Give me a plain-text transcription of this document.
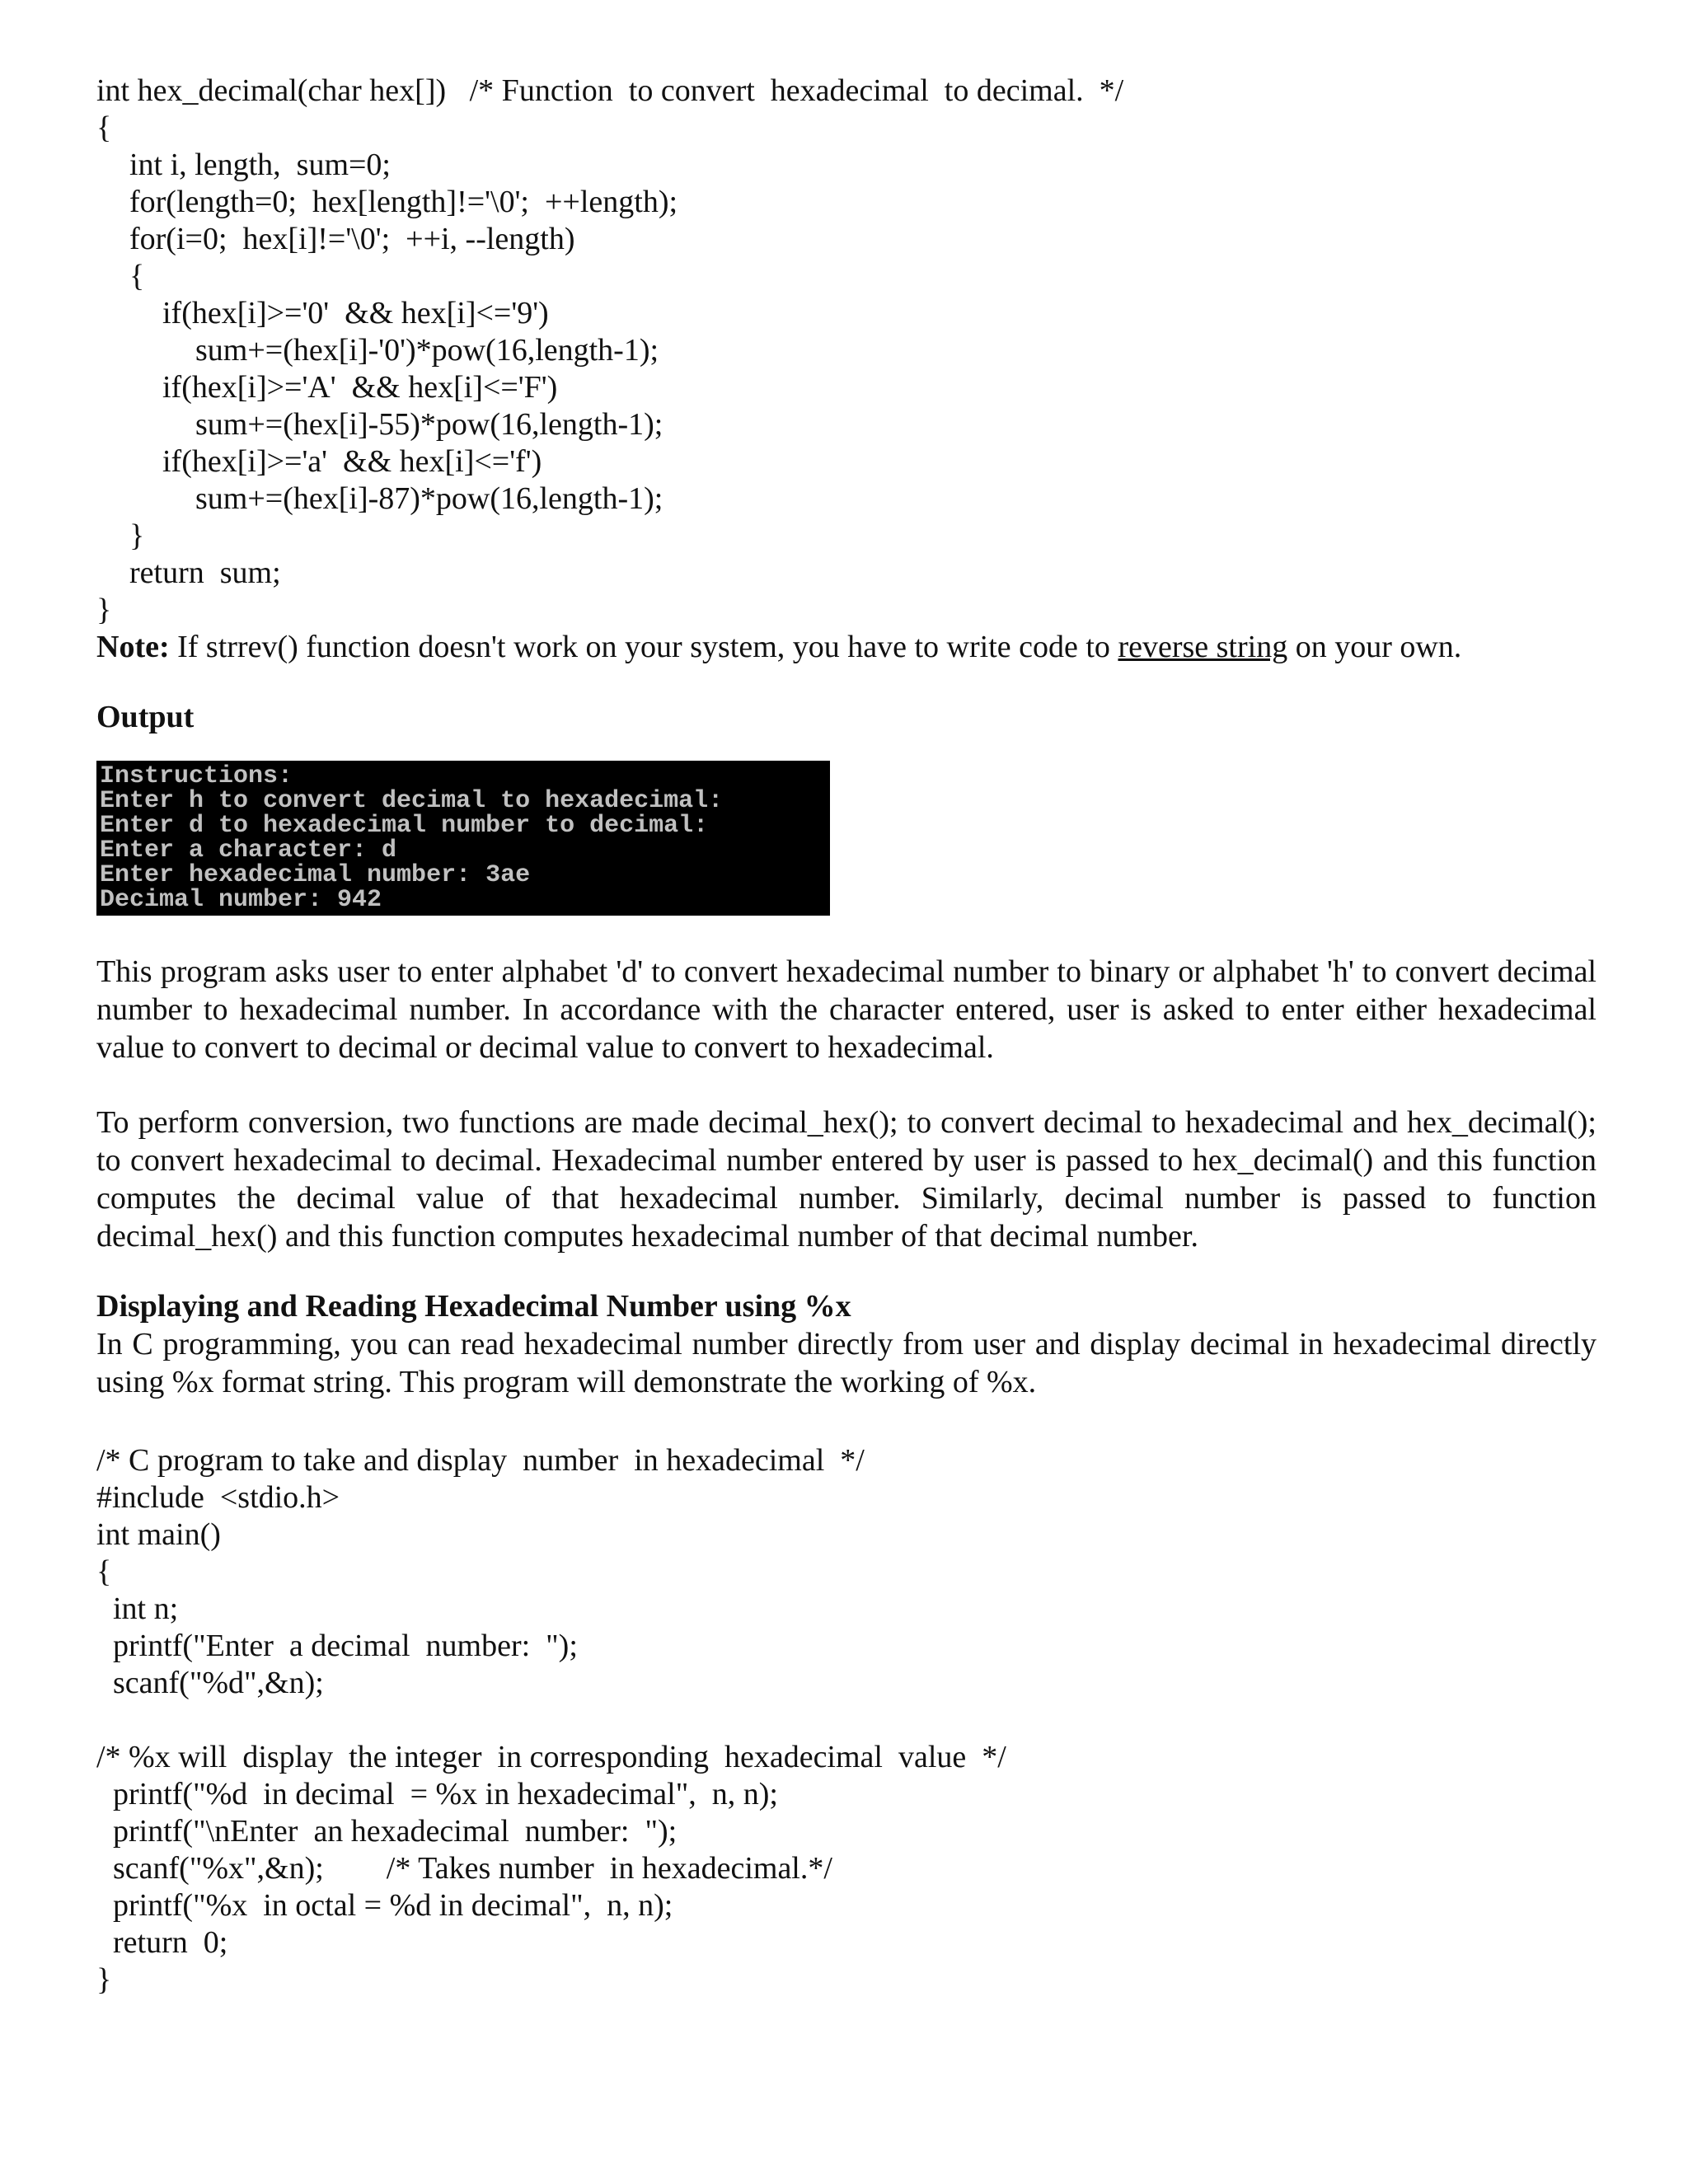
int hex_decimal(char hex[])   /* Function  to convert  hexadecimal  to decimal.  */
{
int i, length,  sum=0;
for(length=0;  hex[length]!='\0';  ++length);
for(i=0;  hex[i]!='\0';  ++i, --length)
{
if(hex[i]>='0'  && hex[i]<='9')
sum+=(hex[i]-'0')*pow(16,length-1);
if(hex[i]>='A'  && hex[i]<='F')
sum+=(hex[i]-55)*pow(16,length-1);
if(hex[i]>='a'  && hex[i]<='f')
sum+=(hex[i]-87)*pow(16,length-1);
}
return  sum;
}
Note: If strrev() function doesn't work on your system, you have to write code to reverse string on your own.
Output
Instructions:
Enter h to convert decimal to hexadecimal:
Enter d to hexadecimal number to decimal:
Enter a character: d
Enter hexadecimal number: 3ae
Decimal number: 942
This program asks user to enter alphabet 'd' to convert hexadecimal number to binary or alphabet 'h' to convert decimal number to hexadecimal number. In accordance with the character entered, user is asked to enter either hexadecimal value to convert to decimal or decimal value to convert to hexadecimal.
To perform conversion, two functions are made decimal_hex(); to convert decimal to hexadecimal and hex_decimal(); to convert hexadecimal to decimal. Hexadecimal number entered by user is passed to hex_decimal() and this function computes the decimal value of that hexadecimal number. Similarly, decimal number is passed to function decimal_hex() and this function computes hexadecimal number of that decimal number.
Displaying and Reading Hexadecimal Number using %x
In C programming, you can read hexadecimal number directly from user and display decimal in hexadecimal directly using %x format string. This program will demonstrate the working of %x.
/* C program to take and display  number  in hexadecimal  */
#include  <stdio.h>
int main()
{
int n;
printf("Enter  a decimal  number:  ");
scanf("%d",&n);
/* %x will  display  the integer  in corresponding  hexadecimal  value  */
printf("%d  in decimal  = %x in hexadecimal",  n, n);
printf("\nEnter  an hexadecimal  number:  ");
scanf("%x",&n);        /* Takes number  in hexadecimal.*/
printf("%x  in octal = %d in decimal",  n, n);
return  0;
}
